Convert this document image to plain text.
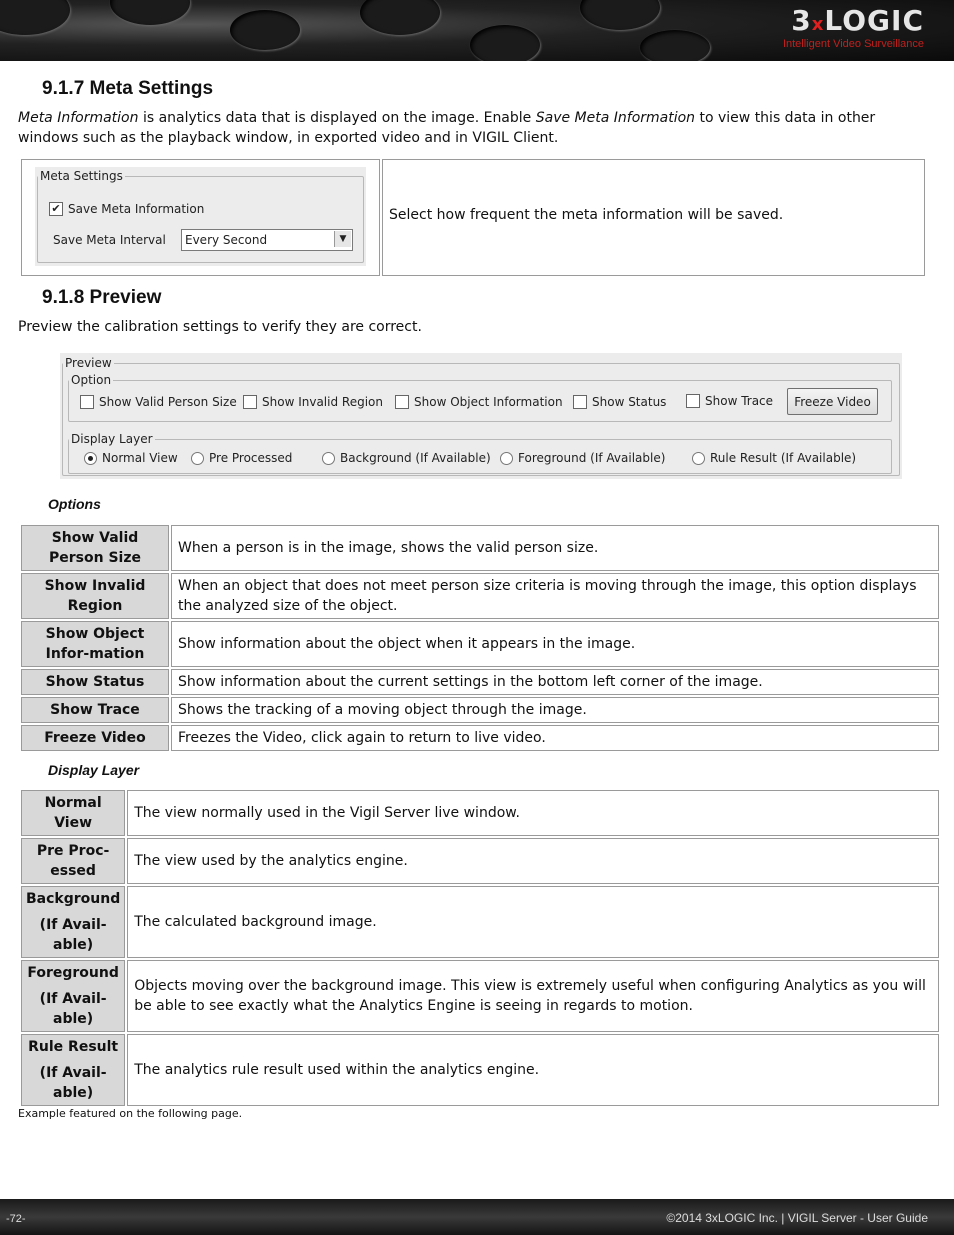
3xLOGIC
Intelligent Video Surveillance
9.1.7 Meta Settings

Meta Information is analytics data that is displayed on the image. Enable Save Meta Information to view this data in other windows such as the playback window, in exported video and in VIGIL Client.

Select how frequent the meta information will be saved.
Meta Settings
✔ Save Meta Information
Save Meta Interval Every Second	▼
9.1.8 Preview

Preview the calibration settings to verify they are correct.

Preview
Option
Show Valid Person Size Show Invalid Region	Show Object Information Show Status	Show Trace	Freeze Video
Display Layer
Normal View	Pre Processed	Background (If Available) Foreground (If Available)	Rule Result (If Available)
Options
Show Valid Person Size	When a person is in the image, shows the valid person size.
Show Invalid Region	When an object that does not meet person size criteria is moving through the image, this option displays the analyzed size of the object.
Show Object Infor-mation	Show information about the object when it appears in the image.
Show Status	Show information about the current settings in the bottom left corner of the image.
Show Trace	Shows the tracking of a moving object through the image.
Freeze Video	Freezes the Video, click again to return to live video.
Display Layer
Normal View	The view normally used in the Vigil Server live window.
Pre Proc-essed	The view used by the analytics engine.

Background
(If Avail-able)	The calculated background image.

Foreground
(If Avail-able)	Objects moving over the background image. This view is extremely useful when configuring Analytics as you will be able to see exactly what the Analytics Engine is seeing in regards to motion.

Rule Result
(If Avail-able)	The analytics rule result used within the analytics engine.
Example featured on the following page.
-72-	©2014 3xLOGIC Inc. | VIGIL Server - User Guide
